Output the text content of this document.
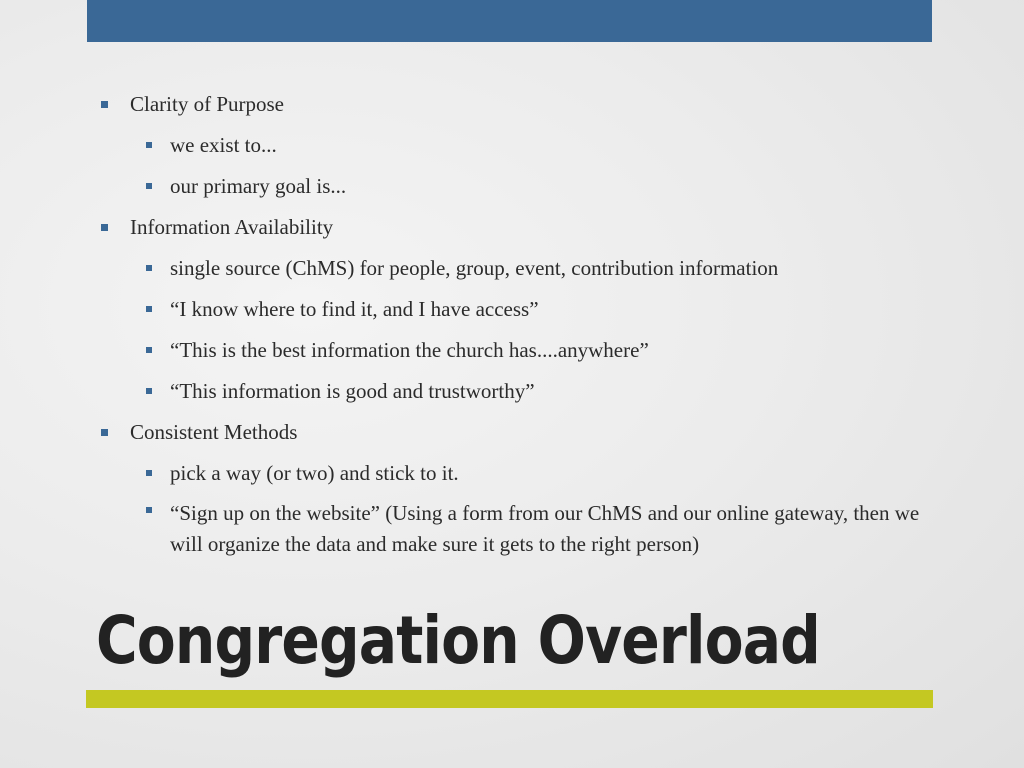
Clarity of Purpose
we exist to...
our primary goal is...
Information Availability
single source (ChMS) for people, group, event, contribution information
“I know where to find it, and I have access”
“This is the best information the church has....anywhere”
“This information is good and trustworthy”
Consistent Methods
pick a way (or two) and stick to it.
“Sign up on the website” (Using a form from our ChMS and our online gateway, then we will organize the data and make sure it gets to the right person)
Congregation Overload
